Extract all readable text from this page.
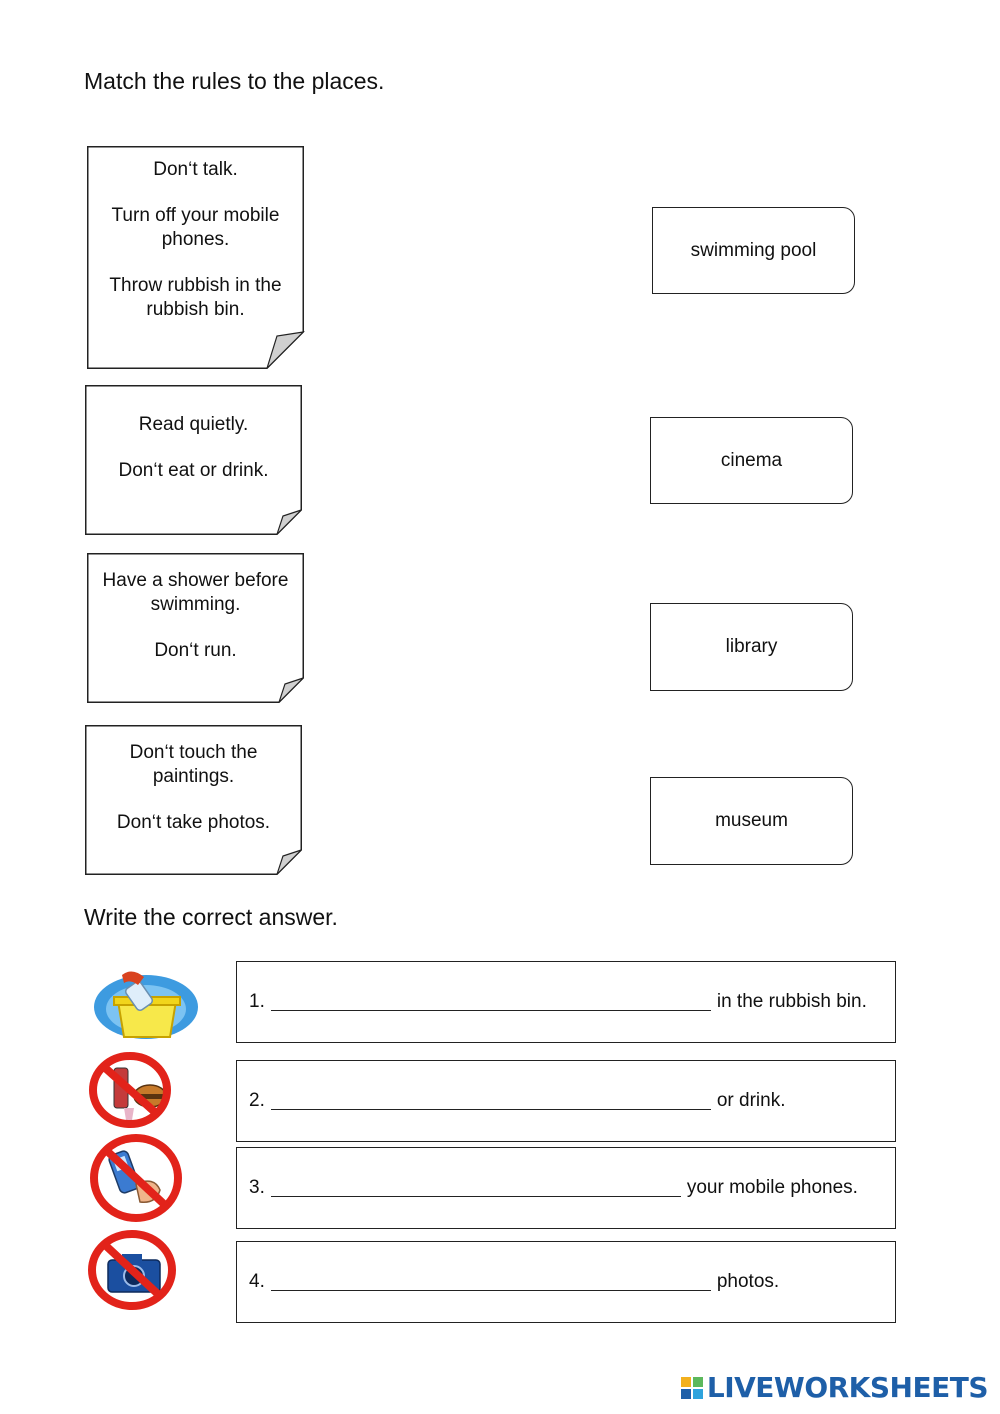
Match the rules to the places.

Don‘t talk.

Turn off your mobile phones.

Throw rubbish in the rubbish bin.

Read quietly.

Don‘t eat or drink.

Have a shower before swimming.

Don‘t run.

Don‘t touch the paintings.

Don‘t take photos.

swimming pool
cinema
library
museum
Write the correct answer.
1.	in the rubbish bin.
2.	or drink.
3.	your mobile phones.
4.	photos.
LIVEWORKSHEETS
